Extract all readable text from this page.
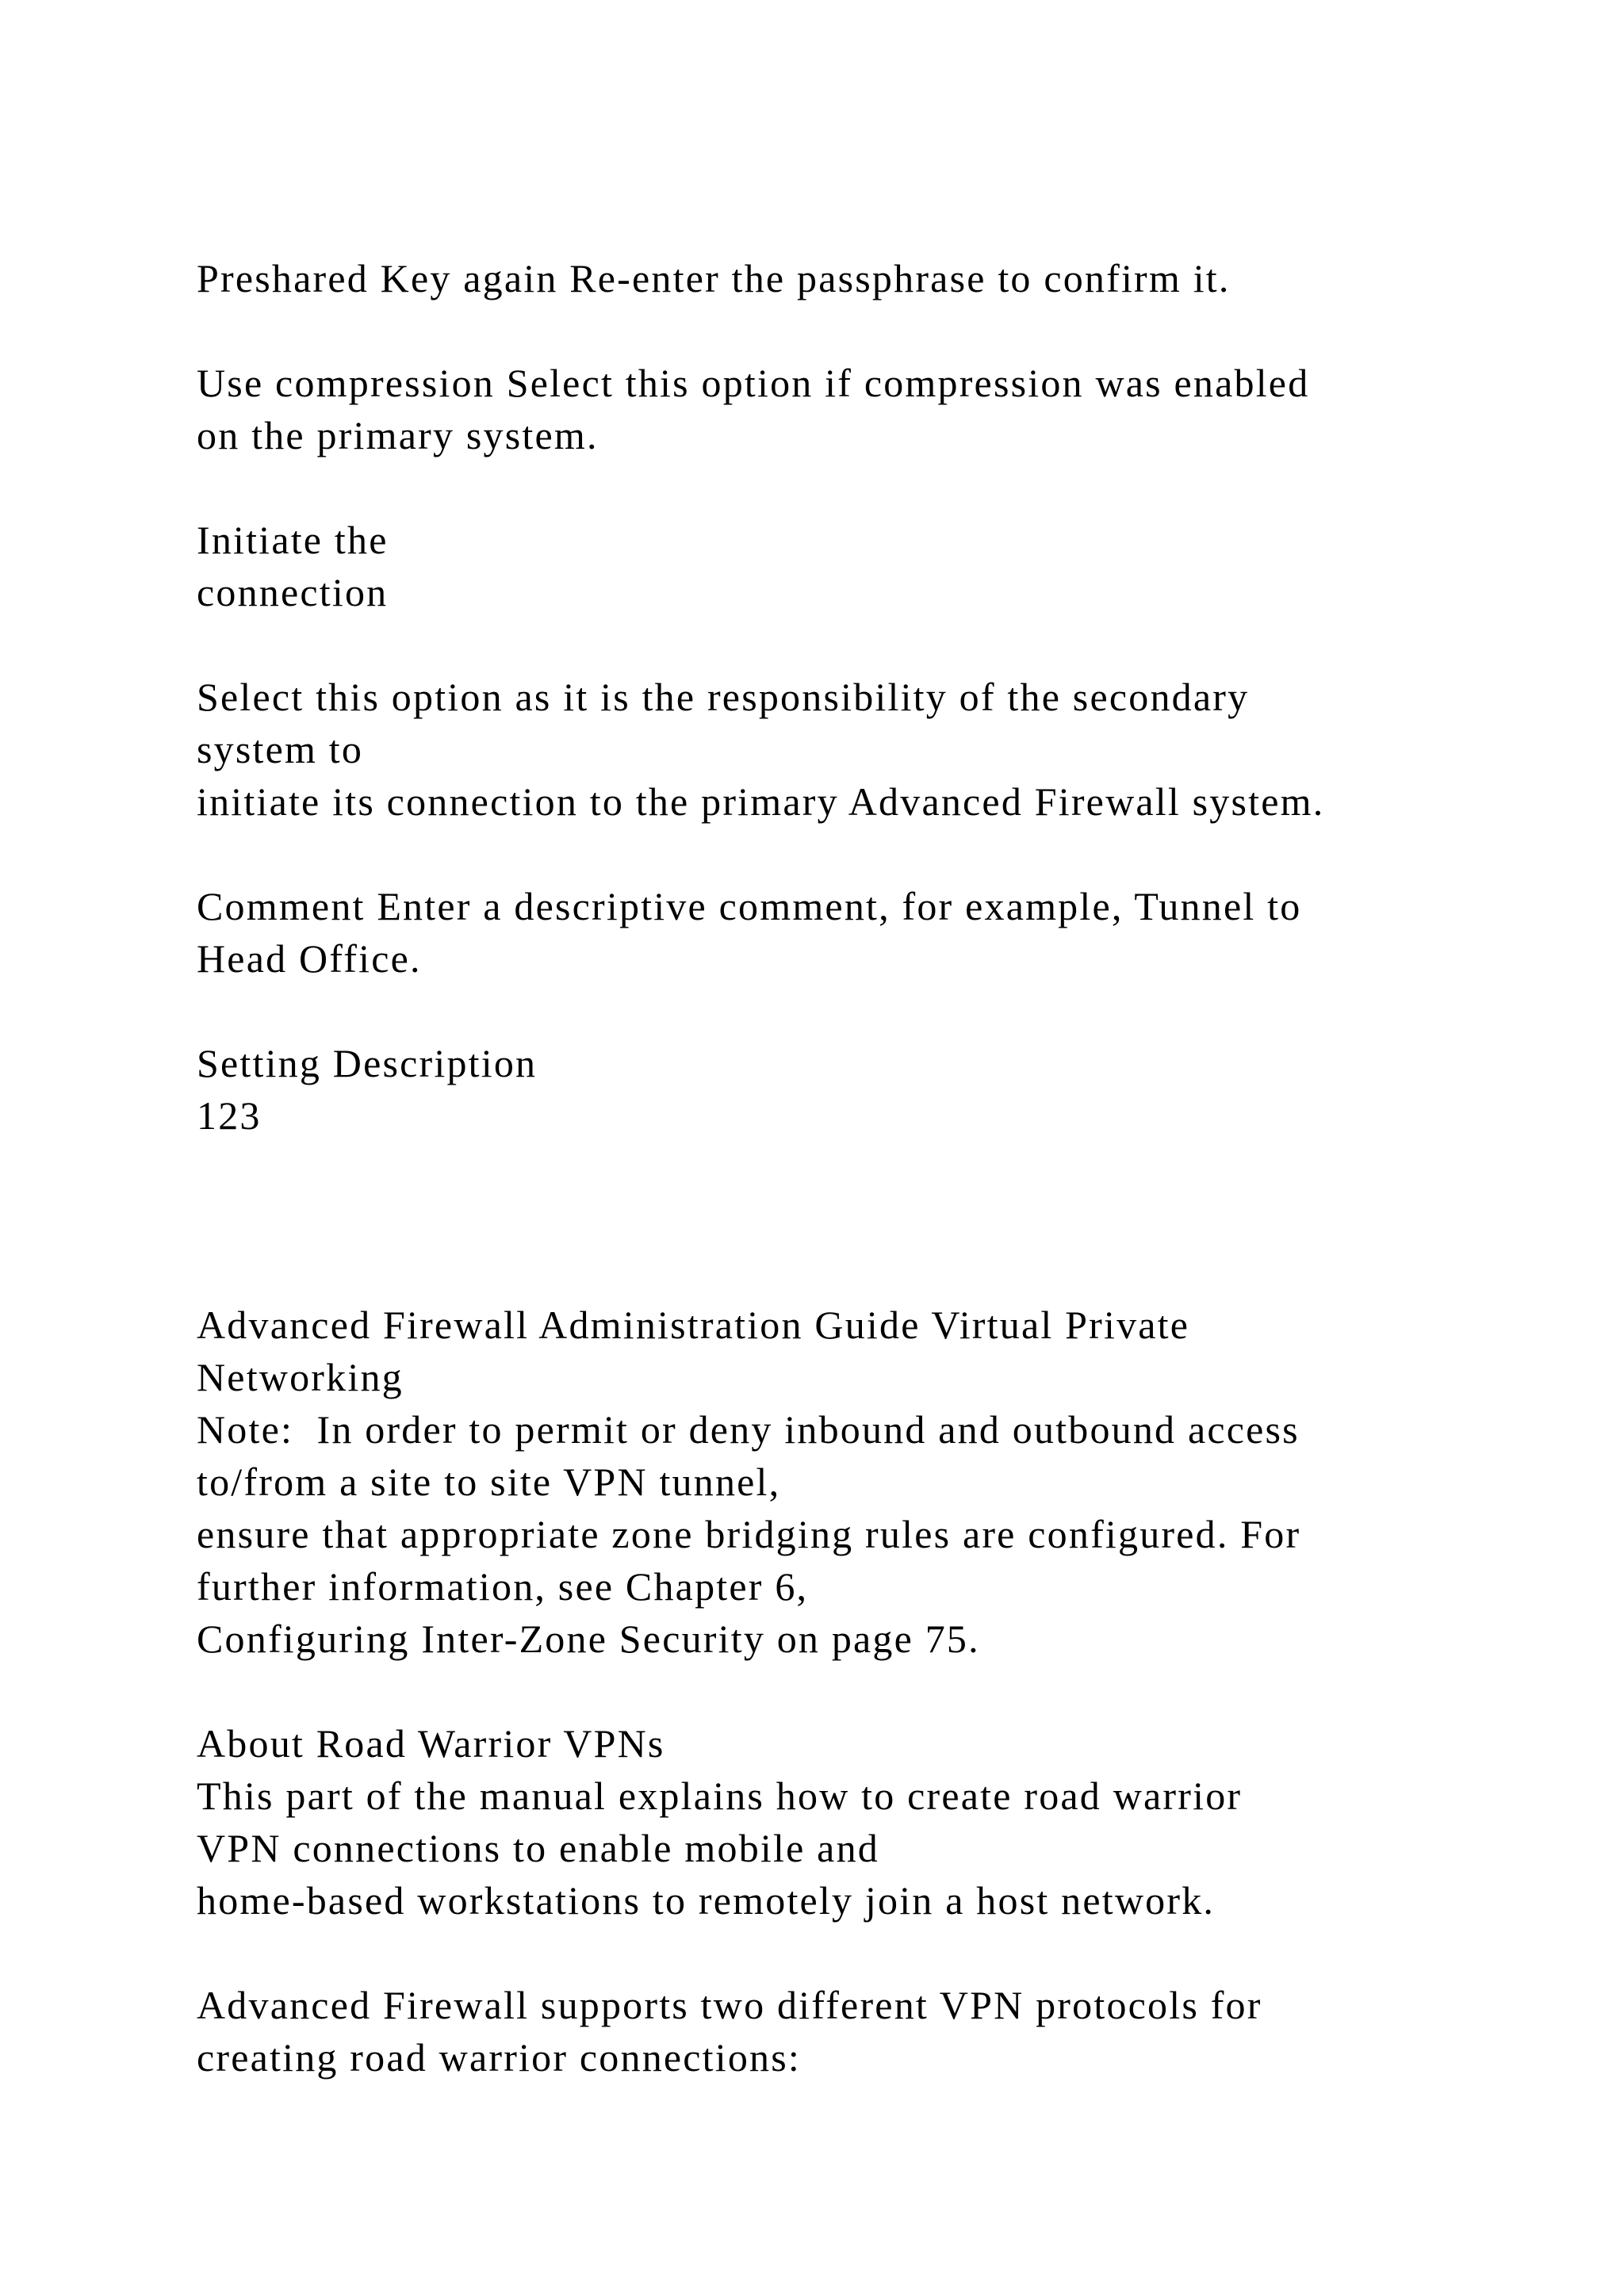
Preshared Key again Re-enter the passphrase to confirm it.
Use compression Select this option if compression was enabled
on the primary system.
Initiate the
connection
Select this option as it is the responsibility of the secondary
system to
initiate its connection to the primary Advanced Firewall system.
Comment Enter a descriptive comment, for example, Tunnel to
Head Office.
Setting Description
123
Advanced Firewall Administration Guide Virtual Private
Networking
Note:  In order to permit or deny inbound and outbound access
to/from a site to site VPN tunnel,
ensure that appropriate zone bridging rules are configured. For
further information, see Chapter 6,
Configuring Inter-Zone Security on page 75.
About Road Warrior VPNs
This part of the manual explains how to create road warrior
VPN connections to enable mobile and
home-based workstations to remotely join a host network.
Advanced Firewall supports two different VPN protocols for
creating road warrior connections:
